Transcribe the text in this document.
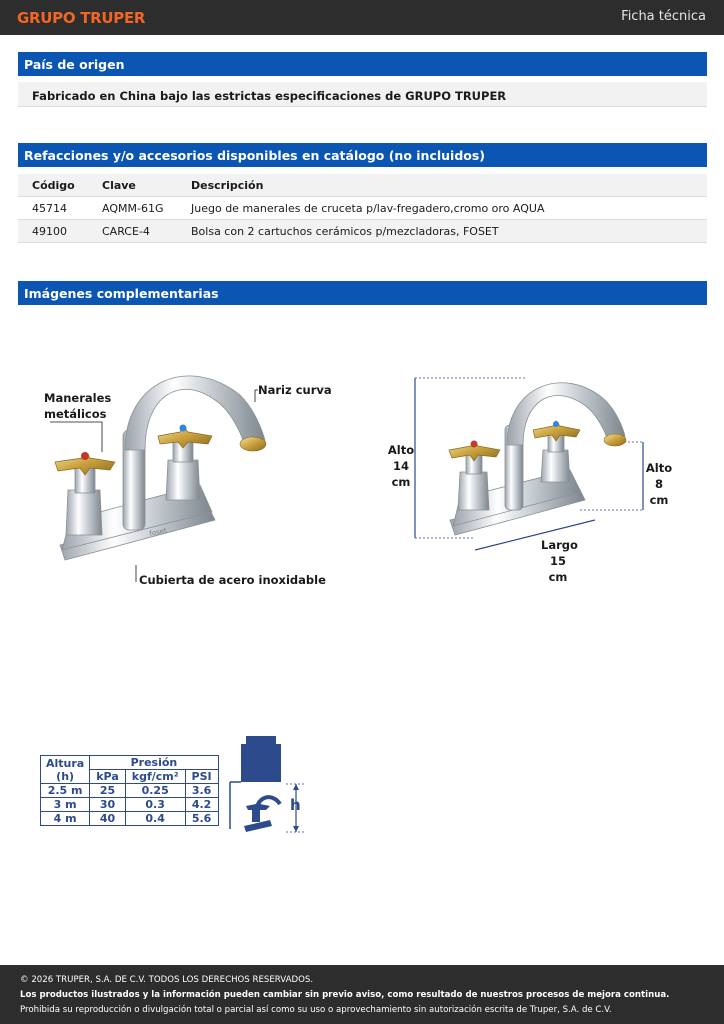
GRUPO TRUPER	Ficha técnica
País de origen
Fabricado en China bajo las estrictas especificaciones de GRUPO TRUPER
Refacciones y/o accesorios disponibles en catálogo (no incluidos)
Código Clave	Descripción
45714	AQMM-61G	Juego de manerales de cruceta p/lav-fregadero,cromo oro AQUA
49100	CARCE-4	Bolsa con 2 cartuchos cerámicos p/mezcladoras, FOSET
Imágenes complementarias
foset
Manerales
metálicos
Nariz curva
Cubierta de acero inoxidable
Alto
14 cm
Alto
8 cm
Largo
15 cm
Altura
(h)	Presión		
	kPa	kgf/cm²	PSI
2.5 m	25	0.25	3.6
3 m	30	0.3	4.2
4 m	40	0.4	5.6
h
© 2026 TRUPER, S.A. DE C.V. TODOS LOS DERECHOS RESERVADOS.
Los productos ilustrados y la información pueden cambiar sin previo aviso, como resultado de nuestros procesos de mejora continua.
Prohibida su reproducción o divulgación total o parcial así como su uso o aprovechamiento sin autorización escrita de Truper, S.A. de C.V.
